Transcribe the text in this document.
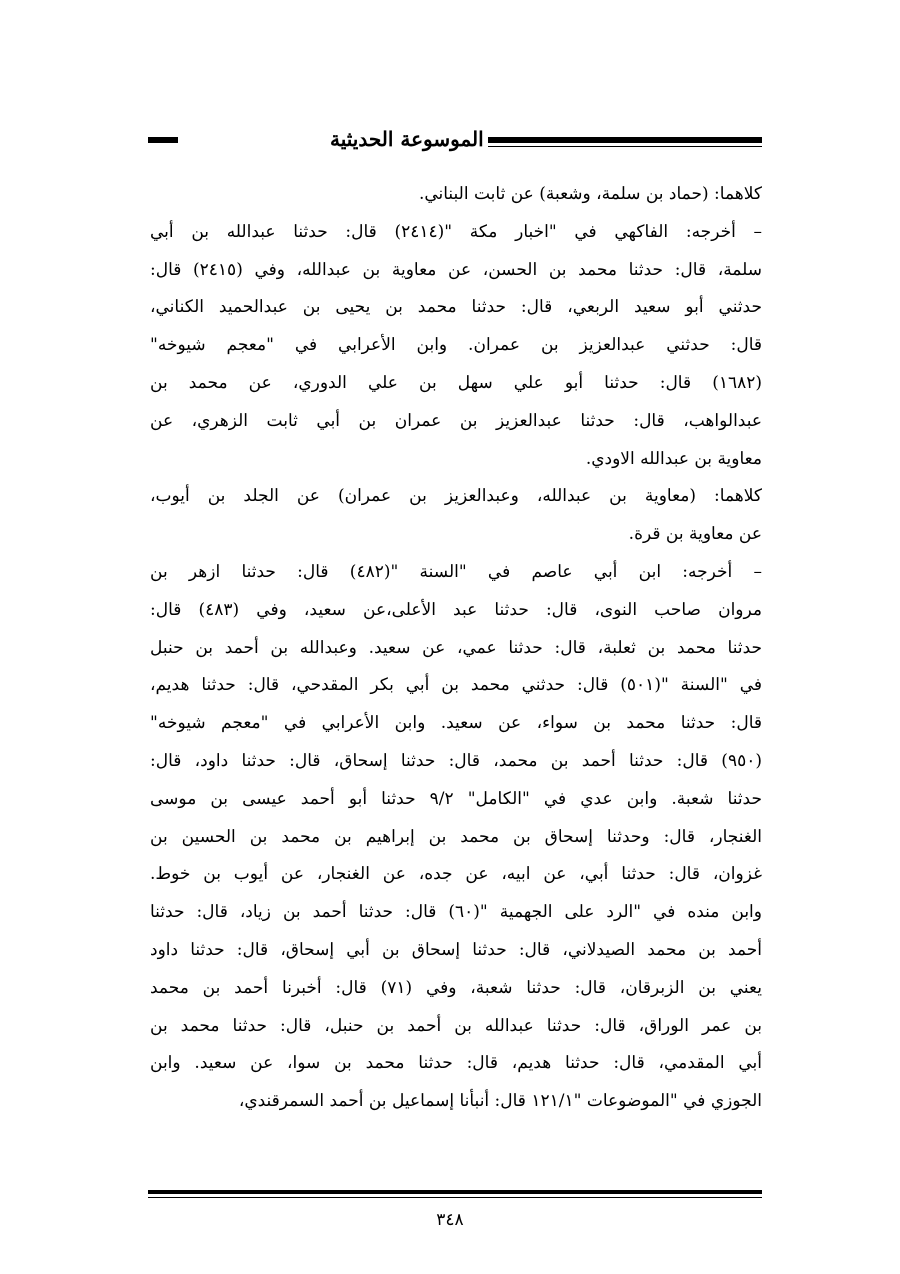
الموسوعة الحديثية
كلاهما: (حماد بن سلمة، وشعبة) عن ثابت البناني.
– أخرجه: الفاكهي في "اخبار مكة "(٢٤١٤) قال: حدثنا عبدالله بن أبي
سلمة، قال: حدثنا محمد بن الحسن، عن معاوية بن عبدالله، وفي (٢٤١٥) قال:
حدثني أبو سعيد الربعي، قال: حدثنا محمد بن يحيى بن عبدالحميد الكناني،
قال: حدثني عبدالعزيز بن عمران. وابن الأعرابي في "معجم شيوخه"
(١٦٨٢) قال: حدثنا أبو علي سهل بن علي الدوري، عن محمد بن
عبدالواهب، قال: حدثنا عبدالعزيز بن عمران بن أبي ثابت الزهري، عن
معاوية بن عبدالله الاودي.
كلاهما: (معاوية بن عبدالله، وعبدالعزيز بن عمران) عن الجلد بن أيوب،
عن معاوية بن قرة.
– أخرجه: ابن أبي عاصم في "السنة "(٤٨٢) قال: حدثنا ازهر بن
مروان صاحب النوى، قال: حدثنا عبد الأعلى،عن سعيد، وفي (٤٨٣) قال:
حدثنا محمد بن ثعلبة، قال: حدثنا عمي، عن سعيد. وعبدالله بن أحمد بن حنبل
في "السنة "(٥٠١) قال: حدثني محمد بن أبي بكر المقدحي، قال: حدثنا هديم،
قال: حدثنا محمد بن سواء، عن سعيد. وابن الأعرابي في "معجم شيوخه"
(٩٥٠) قال: حدثنا أحمد بن محمد، قال: حدثنا إسحاق، قال: حدثنا داود، قال:
حدثنا شعبة. وابن عدي في "الكامل" ٩/٢ حدثنا أبو أحمد عيسى بن موسى
الغنجار، قال: وحدثنا إسحاق بن محمد بن إبراهيم بن محمد بن الحسين بن
غزوان، قال: حدثنا أبي، عن ابيه، عن جده، عن الغنجار، عن أيوب بن خوط.
وابن منده في "الرد على الجهمية "(٦٠) قال: حدثنا أحمد بن زياد، قال: حدثنا
أحمد بن محمد الصيدلاني، قال: حدثنا إسحاق بن أبي إسحاق، قال: حدثنا داود
يعني بن الزبرقان، قال: حدثنا شعبة، وفي (٧١) قال: أخبرنا أحمد بن محمد
بن عمر الوراق، قال: حدثنا عبدالله بن أحمد بن حنبل، قال: حدثنا محمد بن
أبي المقدمي، قال: حدثنا هديم، قال: حدثنا محمد بن سوا، عن سعيد. وابن
الجوزي في "الموضوعات "١٢١/١ قال: أنبأنا إسماعيل بن أحمد السمرقندي،
٣٤٨
